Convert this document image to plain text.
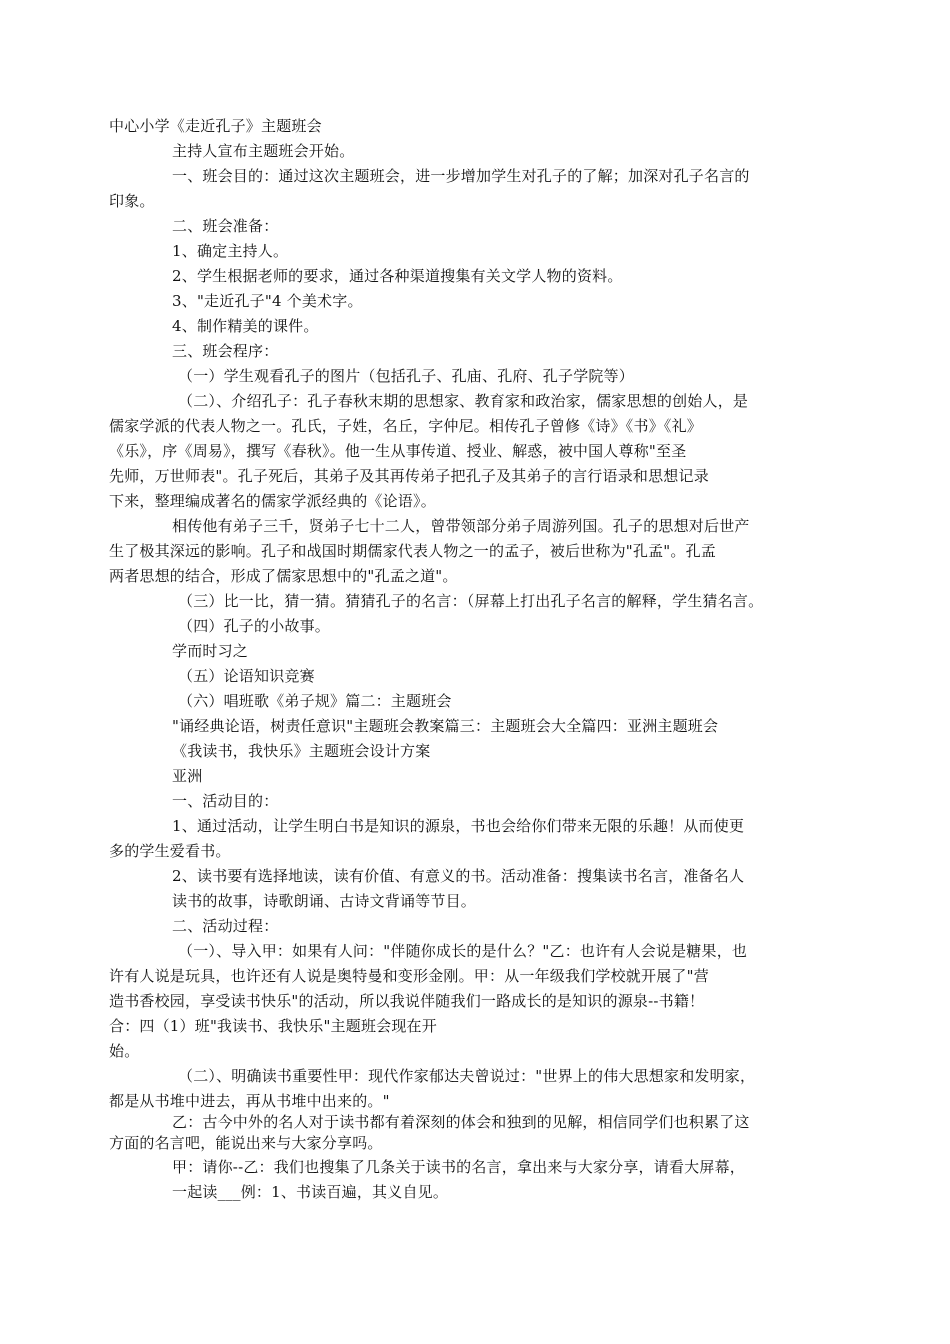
中心小学《走近孔子》主题班会
主持人宣布主题班会开始。
一、班会目的：通过这次主题班会，进一步增加学生对孔子的了解；加深对孔子名言的
印象。
二、班会准备：
1、确定主持人。
2、学生根据老师的要求，通过各种渠道搜集有关文学人物的资料。
3、"走近孔子"4 个美术字。
4、制作精美的课件。
三、班会程序：
（一）学生观看孔子的图片（包括孔子、孔庙、孔府、孔子学院等）
（二）、介绍孔子：孔子春秋末期的思想家、教育家和政治家，儒家思想的创始人，是
儒家学派的代表人物之一。孔氏，子姓，名丘，字仲尼。相传孔子曾修《诗》《书》《礼》
《乐》，序《周易》，撰写《春秋》。他一生从事传道、授业、解惑，被中国人尊称"至圣
先师，万世师表"。孔子死后，其弟子及其再传弟子把孔子及其弟子的言行语录和思想记录
下来，整理编成著名的儒家学派经典的《论语》。
相传他有弟子三千，贤弟子七十二人，曾带领部分弟子周游列国。孔子的思想对后世产
生了极其深远的影响。孔子和战国时期儒家代表人物之一的孟子，被后世称为"孔孟"。孔孟
两者思想的结合，形成了儒家思想中的"孔孟之道"。
（三）比一比，猜一猜。猜猜孔子的名言：（屏幕上打出孔子名言的解释，学生猜名言。
（四）孔子的小故事。
学而时习之
（五）论语知识竞赛
（六）唱班歌《弟子规》篇二：主题班会
"诵经典论语，树责任意识"主题班会教案篇三：主题班会大全篇四：亚洲主题班会
《我读书，我快乐》主题班会设计方案
亚洲
一、活动目的：
1、通过活动，让学生明白书是知识的源泉，书也会给你们带来无限的乐趣！从而使更
多的学生爱看书。
2、读书要有选择地读，读有价值、有意义的书。活动准备：搜集读书名言，准备名人
读书的故事，诗歌朗诵、古诗文背诵等节目。
二、活动过程：
（一）、导入甲：如果有人问："伴随你成长的是什么？"乙：也许有人会说是糖果，也
许有人说是玩具，也许还有人说是奥特曼和变形金刚。甲：从一年级我们学校就开展了"营
造书香校园，享受读书快乐"的活动，所以我说伴随我们一路成长的是知识的源泉--书籍！
合：四（1）班"我读书、我快乐"主题班会现在开
始。
（二）、明确读书重要性甲：现代作家郁达夫曾说过："世界上的伟大思想家和发明家，
都是从书堆中进去，再从书堆中出来的。"
乙：古今中外的名人对于读书都有着深刻的体会和独到的见解，相信同学们也积累了这
方面的名言吧，能说出来与大家分享吗。
甲：请你--乙：我们也搜集了几条关于读书的名言，拿出来与大家分享，请看大屏幕，
一起读___例：1、书读百遍，其义自见。
